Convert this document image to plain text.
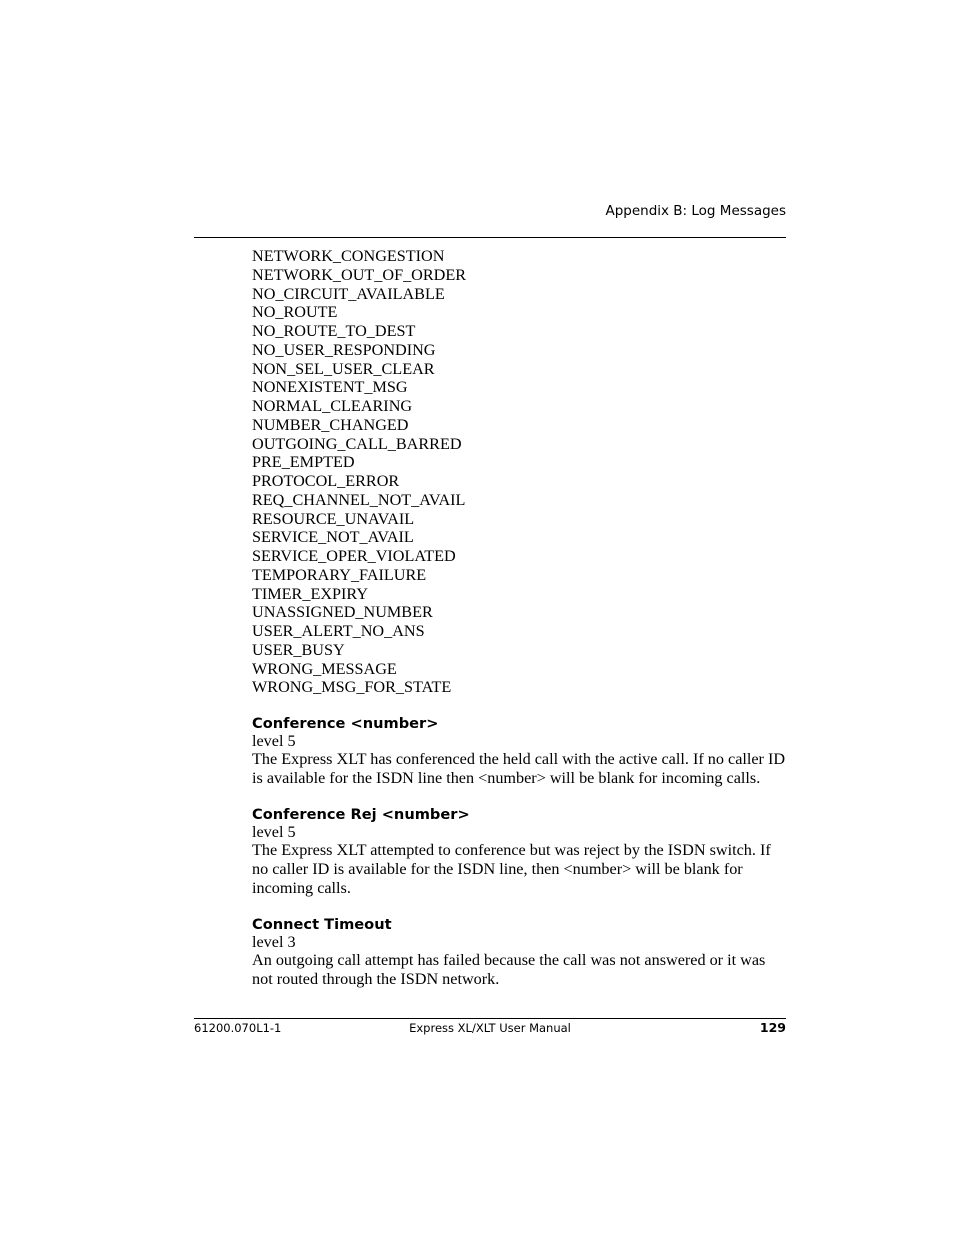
Appendix B: Log Messages
NETWORK_CONGESTION
NETWORK_OUT_OF_ORDER
NO_CIRCUIT_AVAILABLE
NO_ROUTE
NO_ROUTE_TO_DEST
NO_USER_RESPONDING
NON_SEL_USER_CLEAR
NONEXISTENT_MSG
NORMAL_CLEARING
NUMBER_CHANGED
OUTGOING_CALL_BARRED
PRE_EMPTED
PROTOCOL_ERROR
REQ_CHANNEL_NOT_AVAIL
RESOURCE_UNAVAIL
SERVICE_NOT_AVAIL
SERVICE_OPER_VIOLATED
TEMPORARY_FAILURE
TIMER_EXPIRY
UNASSIGNED_NUMBER
USER_ALERT_NO_ANS
USER_BUSY
WRONG_MESSAGE
WRONG_MSG_FOR_STATE

Conference <number>

level 5

The Express XLT has conferenced the held call with the active call. If no caller ID is available for the ISDN line then <number> will be blank for incoming calls.

Conference Rej <number>

level 5

The Express XLT attempted to conference but was reject by the ISDN switch. If no caller ID is available for the ISDN line, then <number> will be blank for incoming calls.

Connect Timeout

level 3

An outgoing call attempt has failed because the call was not answered or it was not routed through the ISDN network.

61200.070L1-1	Express XL/XLT User Manual	129
